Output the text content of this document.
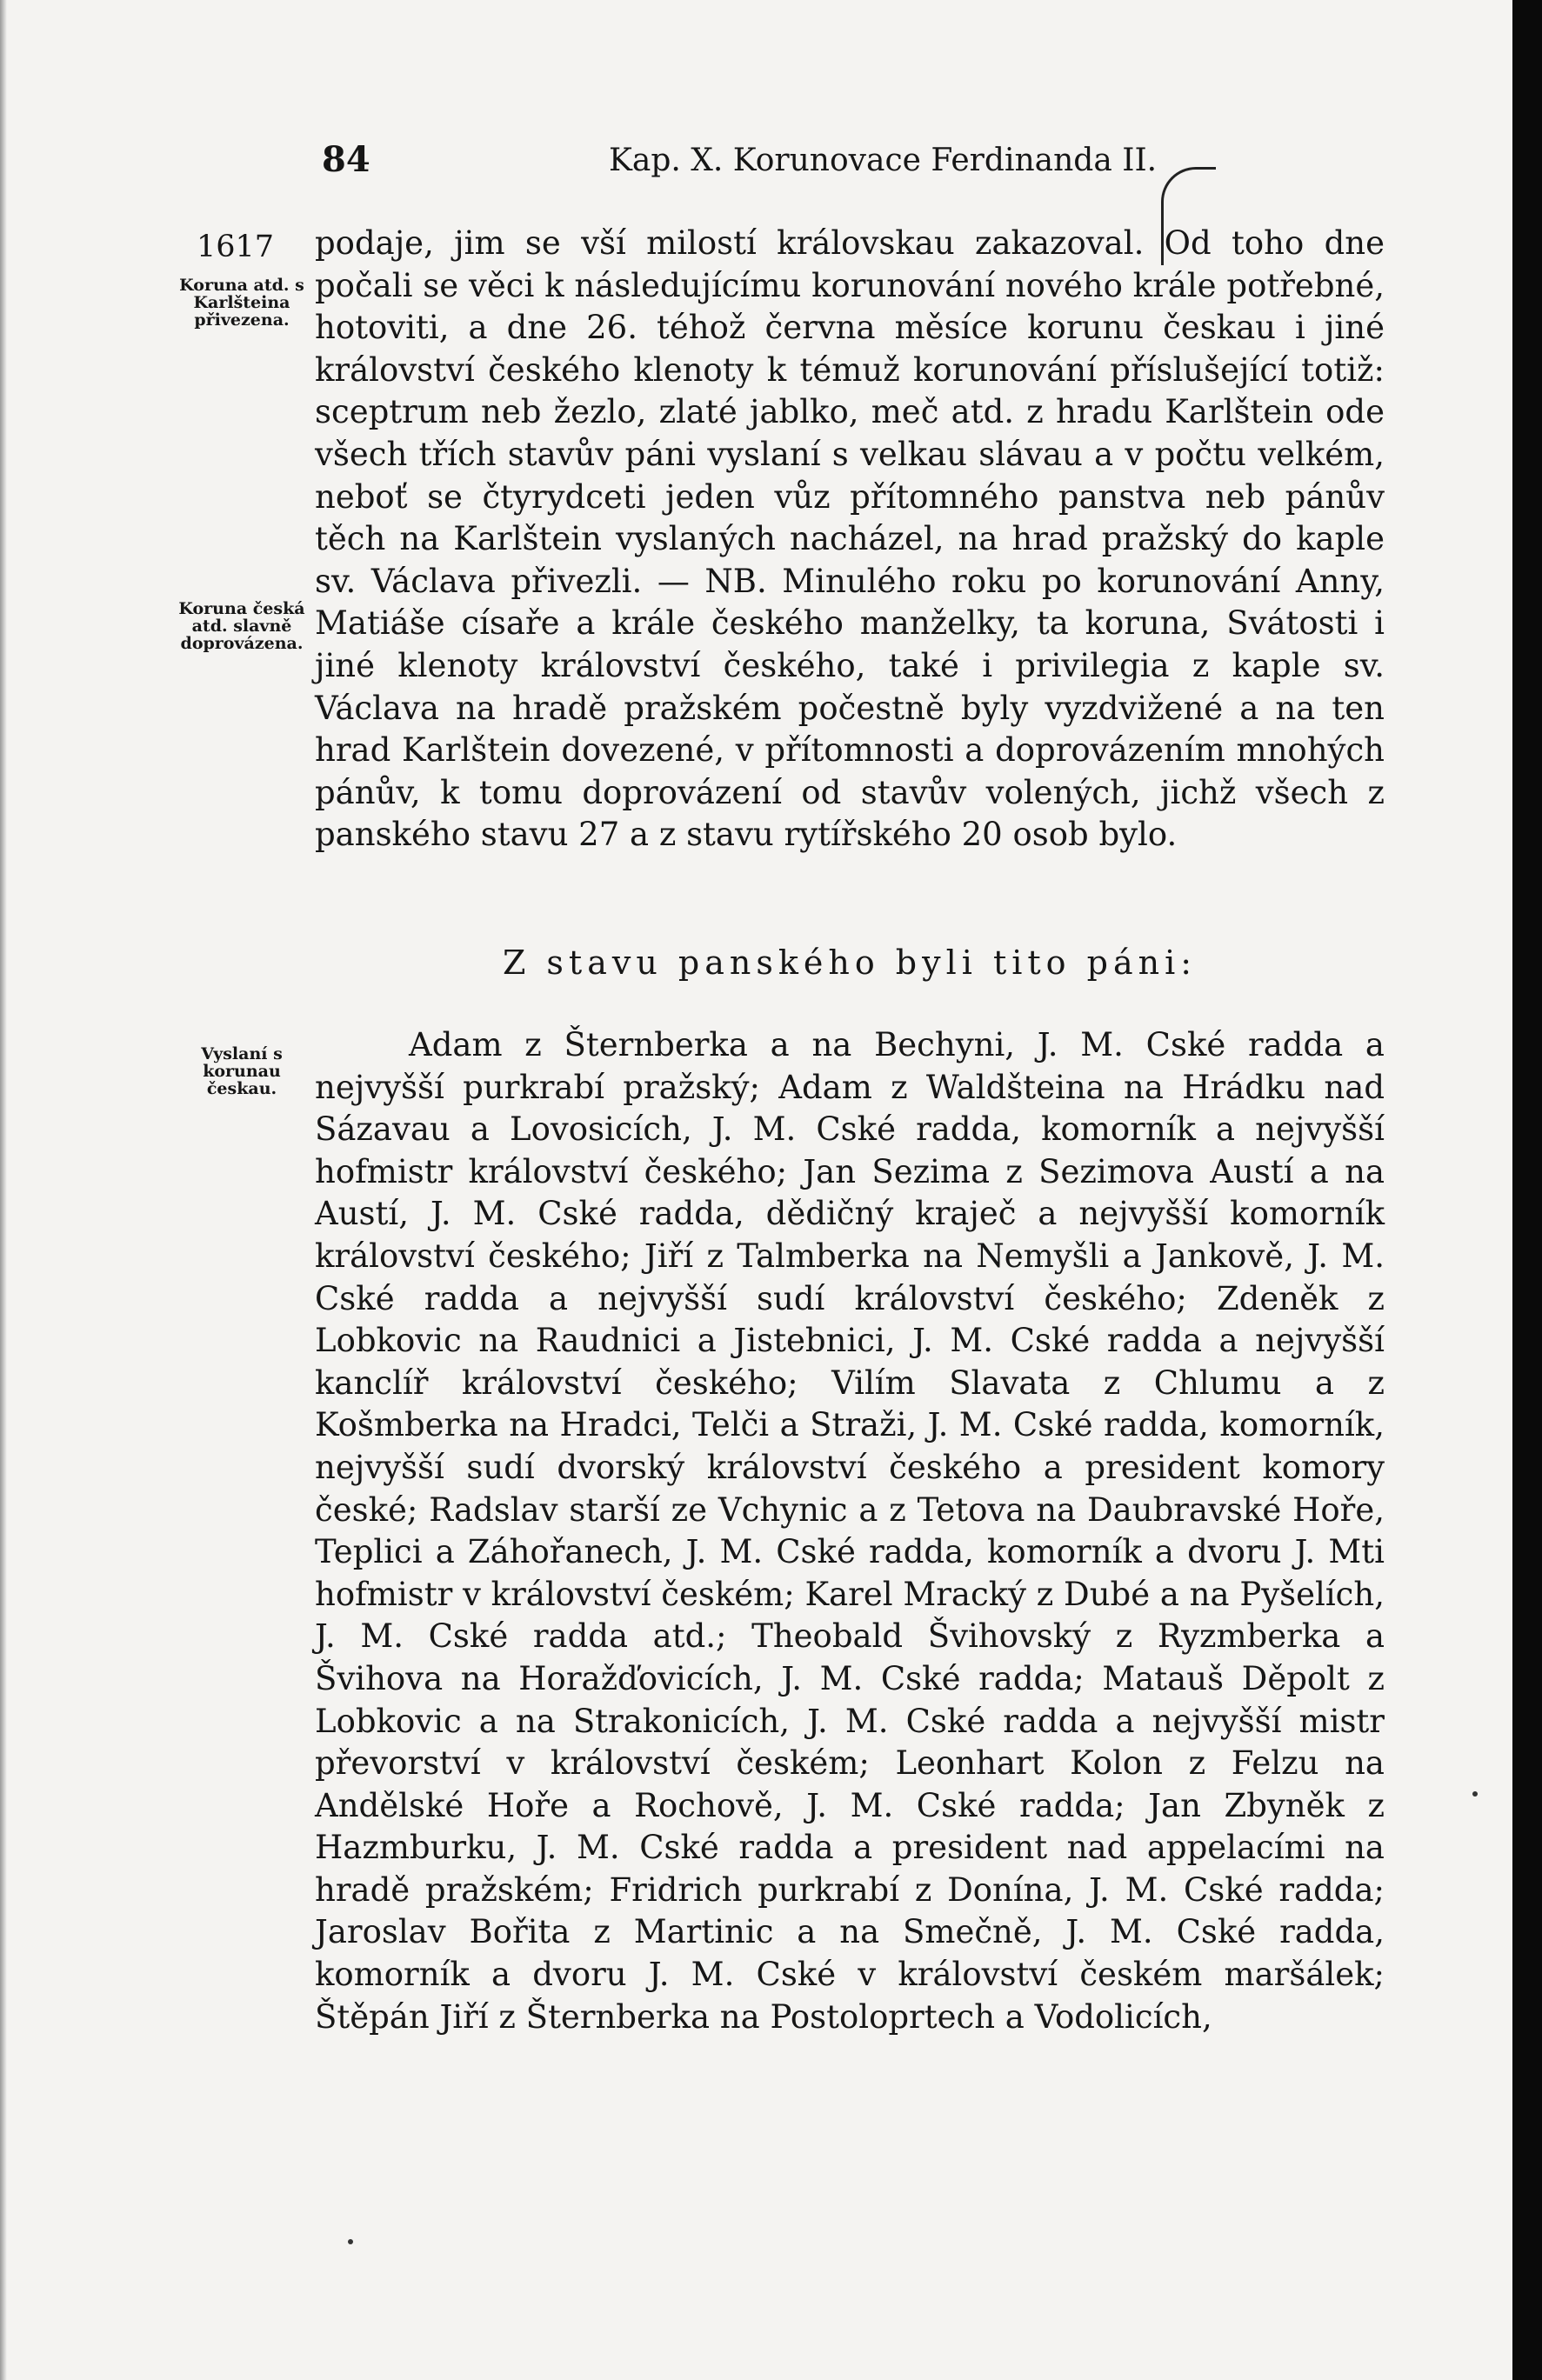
84	Kap. X. Korunovace Ferdinanda II.
1617
Koruna atd. s Karlšteina přivezena.
Koruna česká atd. slavně doprovázena.
Vyslaní s korunau českau.

podaje, jim se vší milostí královskau zakazoval. Od toho dne počali se věci k následujícímu korunování nového krále potřebné, hotoviti, a dne 26. téhož června měsíce korunu českau i jiné království českého klenoty k témuž korunování příslušející totiž: sceptrum neb žezlo, zlaté jablko, meč atd. z hradu Karlštein ode všech třích stavův páni vyslaní s velkau slávau a v počtu velkém, neboť se čtyrydceti jeden vůz přítomného panstva neb pánův těch na Karlštein vyslaných nacházel, na hrad pražský do kaple sv. Václava přivezli. — NB. Minulého roku po korunování Anny, Matiáše císaře a krále českého manželky, ta koruna, Svátosti i jiné klenoty království českého, také i privilegia z kaple sv. Václava na hradě pražském počestně byly vyzdvižené a na ten hrad Karlštein dovezené, v přítomnosti a doprovázením mnohých pánův, k tomu doprovázení od stavův volených, jichž všech z panského stavu 27 a z stavu rytířského 20 osob bylo.

Z stavu panského byli tito páni:

Adam z Šternberka a na Bechyni, J. M. Cské radda a nejvyšší purkrabí pražský; Adam z Waldšteina na Hrádku nad Sázavau a Lovosicích, J. M. Cské radda, komorník a nejvyšší hofmistr království českého; Jan Sezima z Sezimova Austí a na Austí, J. M. Cské radda, dědičný kraječ a nejvyšší komorník království českého; Jiří z Talmberka na Nemyšli a Jankově, J. M. Cské radda a nejvyšší sudí království českého; Zdeněk z Lobkovic na Raudnici a Jistebnici, J. M. Cské radda a nejvyšší kanclíř království českého; Vilím Slavata z Chlumu a z Košmberka na Hradci, Telči a Straži, J. M. Cské radda, komorník, nejvyšší sudí dvorský království českého a president komory české; Radslav starší ze Vchynic a z Tetova na Daubravské Hoře, Teplici a Záhořanech, J. M. Cské radda, komorník a dvoru J. Mti hofmistr v království českém; Karel Mracký z Dubé a na Pyšelích, J. M. Cské radda atd.; Theobald Švihovský z Ryzmberka a Švihova na Horažďovicích, J. M. Cské radda; Matauš Děpolt z Lobkovic a na Strakonicích, J. M. Cské radda a nejvyšší mistr převorství v království českém; Leonhart Kolon z Felzu na Andělské Hoře a Rochově, J. M. Cské radda; Jan Zbyněk z Hazmburku, J. M. Cské radda a president nad appelacími na hradě pražském; Fridrich purkrabí z Donína, J. M. Cské radda; Jaroslav Bořita z Martinic a na Smečně, J. M. Cské radda, komorník a dvoru J. M. Cské v království českém maršálek; Štěpán Jiří z Šternberka na Postoloprtech a Vodolicích,
